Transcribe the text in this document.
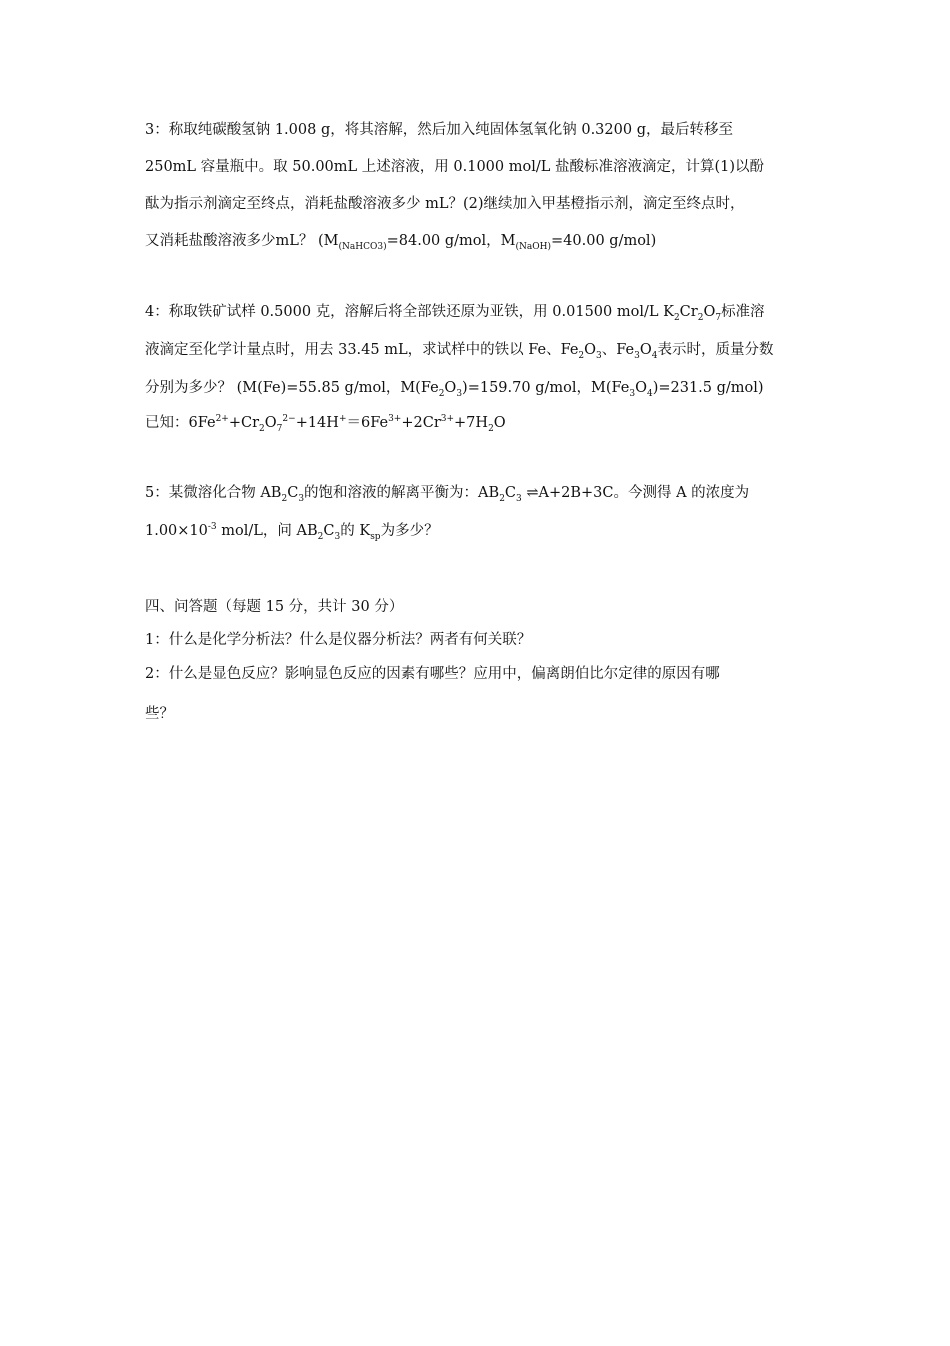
3：称取纯碳酸氢钠 1.008 g，将其溶解，然后加入纯固体氢氧化钠 0.3200 g，最后转移至
250mL 容量瓶中。取 50.00mL 上述溶液，用 0.1000 mol/L 盐酸标准溶液滴定，计算(1)以酚
酞为指示剂滴定至终点，消耗盐酸溶液多少 mL？(2)继续加入甲基橙指示剂，滴定至终点时，
又消耗盐酸溶液多少mL？ ($M_{(NaHCO3)}=84.00$ g/mol，$M_{(NaOH)}=40.00$ g/mol)
4：称取铁矿试样 0.5000 克，溶解后将全部铁还原为亚铁，用 0.01500 mol/L $K_2Cr_2O_7$标准溶
液滴定至化学计量点时，用去 33.45 mL，求试样中的铁以 Fe、$Fe_2O_3$、$Fe_3O_4$表示时，质量分数
分别为多少？ (M(Fe)=55.85 g/mol，$M(Fe_2O_3)=159.70$ g/mol，$M(Fe_3O_4)=231.5$ g/mol)
已知：$6Fe^{2+}+Cr_2O_7^{2-}+14H^+=6Fe^{3+}+2Cr^{3+}+7H_2O$
5：某微溶化合物 $AB_2C_3$的饱和溶液的解离平衡为：$AB_2C_3$ ⇌A+2B+3C。今测得 A 的浓度为
$1.00\times 10^{-3}$ mol/L，问 $AB_2C_3$的 $K_{sp}$为多少？
四、问答题（每题 15 分，共计 30 分）
1：什么是化学分析法？什么是仪器分析法？两者有何关联？
2：什么是显色反应？影响显色反应的因素有哪些？应用中，偏离朗伯比尔定律的原因有哪
些？
